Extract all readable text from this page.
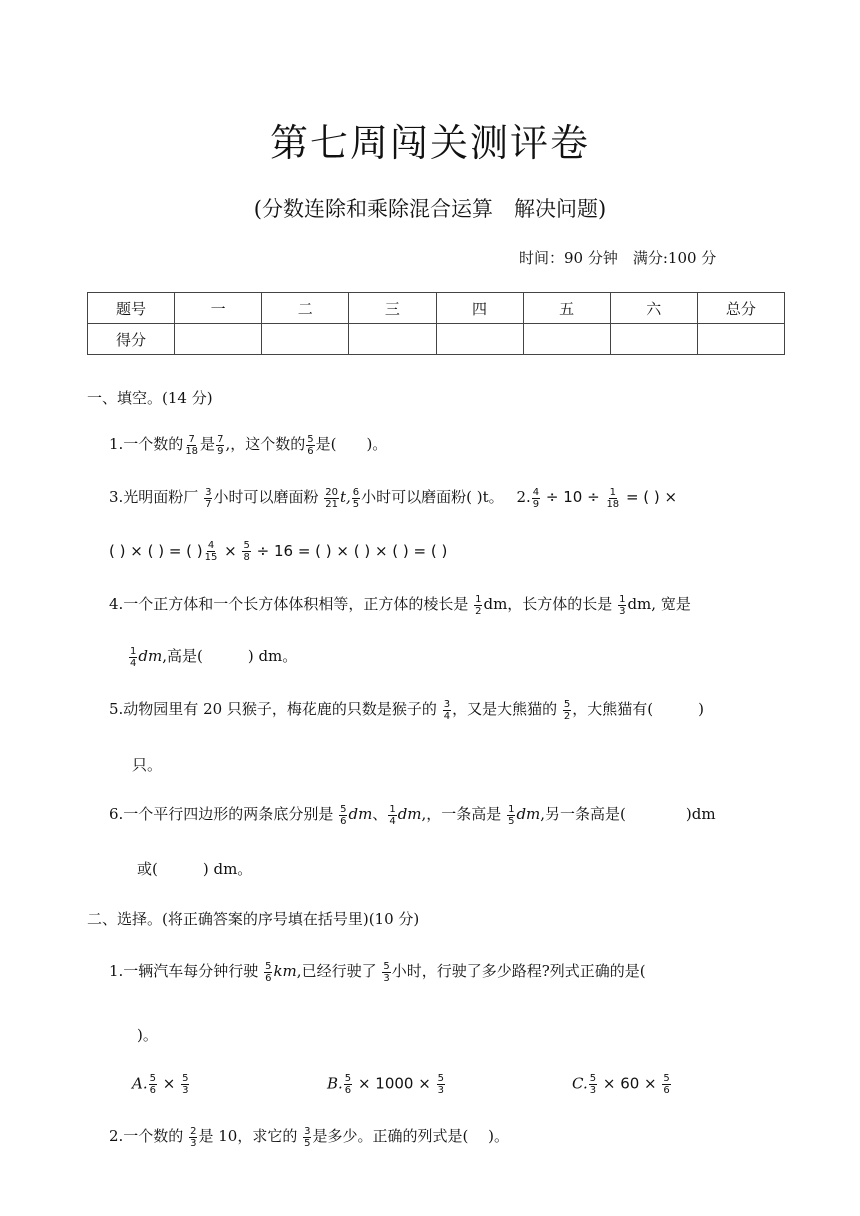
第七周闯关测评卷
(分数连除和乘除混合运算　解决问题)
时间：90 分钟　满分:100 分
题号	一	二	三	四	五	六	总分
得分							
一、填空。(14 分)
1.一个数的 $\frac{7}{18}$ 是 $\frac{7}{9}$ ,，这个数的 $\frac{5}{6}$ 是(　　)。
3.光明面粉厂 $\frac{3}{7}$ 小时可以磨面粉 $\frac{20}{21} t$, $\frac{6}{5}$ 小时可以磨面粉( )t。 2. $\frac{4}{9} \div 10 \div \frac{1}{18}$ = ( ) ×
( ) × ( ) = ( ) $\frac{4}{15} \times \frac{5}{8} \div 16$ = ( ) × ( ) × ( ) = ( )
4.一个正方体和一个长方体体积相等，正方体的棱长是 $\frac{1}{2}$ dm，长方体的长是 $\frac{1}{3}$ dm, 宽是
$\frac{1}{4}$ dm,高是(　　　) dm。
5.动物园里有 20 只猴子，梅花鹿的只数是猴子的 $\frac{3}{4}$ ，又是大熊猫的 $\frac{5}{2}$ ，大熊猫有(　　　)
只。
6.一个平行四边形的两条底分别是 $\frac{5}{6}$ dm、 $\frac{1}{4}$ dm,，一条高是 $\frac{1}{5}$ dm,另一条高是(　　　　)dm
或(　　　) dm。
二、选择。(将正确答案的序号填在括号里)(10 分)
1.一辆汽车每分钟行驶 $\frac{5}{6}$ km,已经行驶了 $\frac{5}{3}$ 小时，行驶了多少路程?列式正确的是(
)。
A. $\frac{5}{6} \times \frac{5}{3}$	B. $\frac{5}{6} \times 1000 \times \frac{5}{3}$	C. $\frac{5}{3} \times 60 \times \frac{5}{6}$
2.一个数的 $\frac{2}{3}$ 是 10，求它的 $\frac{3}{5}$ 是多少。正确的列式是(　 )。
